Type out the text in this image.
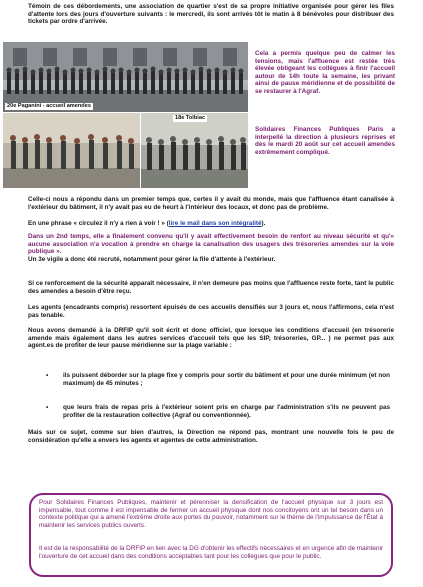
Témoin de ces débordements, une association de quartier s'est de sa propre initiative organisée pour gérer les files d'attente lors des jours d'ouverture suivants : le mercredi, ils sont arrivés tôt le matin à 8 bénévoles pour distribuer des tickets par ordre d'arrivée.

20e Paganini - accueil amendes
18e Tolbiac

Cela a permis quelque peu de calmer les tensions, mais l'affluence est restée très élevée obligeant les collègues à finir l'accueil autour de 14h toute la semaine, les privant ainsi de pause méridienne et de possibilité de se restaurer à l'Agraf.

Solidaires Finances Publiques Paris a interpellé la direction à plusieurs reprises et dès le mardi 20 août sur cet accueil amendes extrêmement compliqué.

Celle-ci nous a répondu dans un premier temps que, certes il y avait du monde, mais que l'affluence étant canalisée à l'extérieur du bâtiment, il n'y avait pas eu de heurt à l'intérieur des locaux, et donc pas de problème.

En une phrase « circulez il n'y a rien à voir ! » (lire le mail dans son intégralité).

Dans un 2nd temps, elle a finalement convenu qu'il y avait effectivement besoin de renfort au niveau sécurité et qu'« aucune association n'a vocation à prendre en charge la canalisation des usagers des trésoreries amendes sur la voie publique ».

Un 3e vigile a donc été recruté, notamment pour gérer la file d'attente à l'extérieur.

Si ce renforcement de la sécurité apparaît nécessaire, il n'en demeure pas moins que l'affluence reste forte, tant le public des amendes a besoin d'être reçu.

Les agents (encadrants compris) ressortent épuisés de ces accueils densifiés sur 3 jours et, nous l'affirmons, cela n'est pas tenable.

Nous avons demandé à la DRFIP qu'il soit écrit et donc officiel, que lorsque les conditions d'accueil (en trésorerie amende mais également dans les autres services d'accueil tels que les SIP, trésoreries, GP... ) ne permet pas aux agent.es de profiter de leur pause méridienne sur la plage variable :

• ils puissent déborder sur la plage fixe y compris pour sortir du bâtiment et pour une durée minimum (et non maximum) de 45 minutes ;

• que leurs frais de repas pris à l'extérieur soient pris en charge par l'administration s'ils ne peuvent pas profiter de la restauration collective (Agraf ou conventionnée).

Mais sur ce sujet, comme sur bien d'autres, la Direction ne répond pas, montrant une nouvelle fois le peu de considération qu'elle a envers les agents et agentes de cette administration.

Pour Solidaires Finances Publiques, maintenir et pérenniser la densification de l'accueil physique sur 3 jours est impensable, tout comme il est impensable de fermer un accueil physique dont nos concitoyens ont un tel besoin dans un contexte politique qui a amené l'extrême droite aux portes du pouvoir, notamment sur le thème de l'impuissance de l'État à maintenir les services publics ouverts.

Il est de la responsabilité de la DRFIP en lien avec la DG d'obtenir les effectifs nécessaires et en urgence afin de maintenir l'ouverture de cet accueil dans des conditions acceptables tant pour les collègues que pour le public.
